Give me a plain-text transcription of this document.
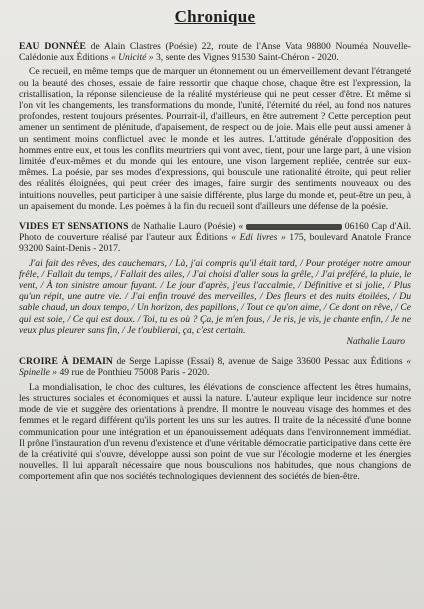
Chronique

EAU DONNÉE de Alain Clastres (Poésie) 22, route de l'Anse Vata 98800 Nouméa Nouvelle-Calédonie aux Éditions « Unicité » 3, sente des Vignes 91530 Saint-Chéron - 2020.

Ce recueil, en même temps que de marquer un étonnement ou un émerveillement devant l'étrangeté ou la beauté des choses, essaie de faire ressortir que chaque chose, chaque être est l'expression, la cristallisation, la réponse silencieuse de la réalité mystérieuse qui ne peut cesser d'être. Et même si l'on vit les changements, les transformations du monde, l'unité, l'éternité du réel, au fond nos natures profondes, restent toujours présentes. Pourrait-il, d'ailleurs, en être autrement ? Cette perception peut amener un sentiment de plénitude, d'apaisement, de respect ou de joie. Mais elle peut aussi amener à un sentiment moins conflictuel avec le monde et les autres. L'attitude générale d'opposition des hommes entre eux, et tous les conflits meurtriers qui vont avec, tient, pour une large part, à une vision limitée d'eux-mêmes et du monde qui les entoure, une vison largement repliée, centrée sur eux-mêmes. La poésie, par ses modes d'expressions, qui bouscule une rationalité étroite, qui peut relier des réalités éloignées, qui peut créer des images, faire surgir des sentiments nouveaux ou des intuitions nouvelles, peut participer à une saisie différente, plus large du monde et, peut-être un peu, à un apaisement du monde. Les poèmes à la fin du recueil sont d'ailleurs une défense de la poésie.

VIDES ET SENSATIONS de Nathalie Lauro (Poésie) «	06160 Cap d'Ail. Photo de couverture réalisé par l'auteur aux Éditions « Edi livres » 175, boulevard Anatole France 93200 Saint-Denis - 2017.

J'ai fait des rêves, des cauchemars, / Là, j'ai compris qu'il était tard, / Pour protéger notre amour frêle, / Fallait du temps, / Fallait des ailes, / J'ai choisi d'aller sous la grêle, / J'ai préféré, la pluie, le vent, / À ton sinistre amour fuyant. / Le jour d'après, j'eus l'accalmie, / Définitive et si jolie, / Plus qu'un répit, une autre vie. / J'ai enfin trouvé des merveilles, / Des fleurs et des nuits étoilées, / Du sable chaud, un doux tempo, / Un horizon, des papillons, / Tout ce qu'on aime, / Ce dont on rêve, / Ce qui est soie, / Ce qui est doux. / Toi, tu es où ? Ça, je m'en fous, / Je ris, je vis, je chante enfin, / Je ne veux plus pleurer sans fin, / Je t'oublierai, ça, c'est certain.

Nathalie Lauro

CROIRE À DEMAIN de Serge Lapisse (Essai) 8, avenue de Saige 33600 Pessac aux Éditions « Spinelle » 49 rue de Ponthieu 75008 Paris - 2020.

La mondialisation, le choc des cultures, les élévations de conscience affectent les êtres humains, les structures sociales et économiques et aussi la nature. L'auteur explique leur incidence sur notre mode de vie et suggère des orientations à prendre. Il montre le nouveau visage des hommes et des femmes et le regard différent qu'ils portent les uns sur les autres. Il traite de la nécessité d'une bonne communication pour une intégration et un épanouissement adéquats dans l'environnement immédiat. Il prône l'instauration d'un revenu d'existence et d'une véritable démocratie participative dans cette ère de la créativité qui s'ouvre, développe aussi son point de vue sur l'écologie moderne et les énergies nouvelles. Il lui apparaît nécessaire que nous bousculions nos habitudes, que nous changions de comportement afin que nos sociétés technologiques deviennent des sociétés de bien-être.
